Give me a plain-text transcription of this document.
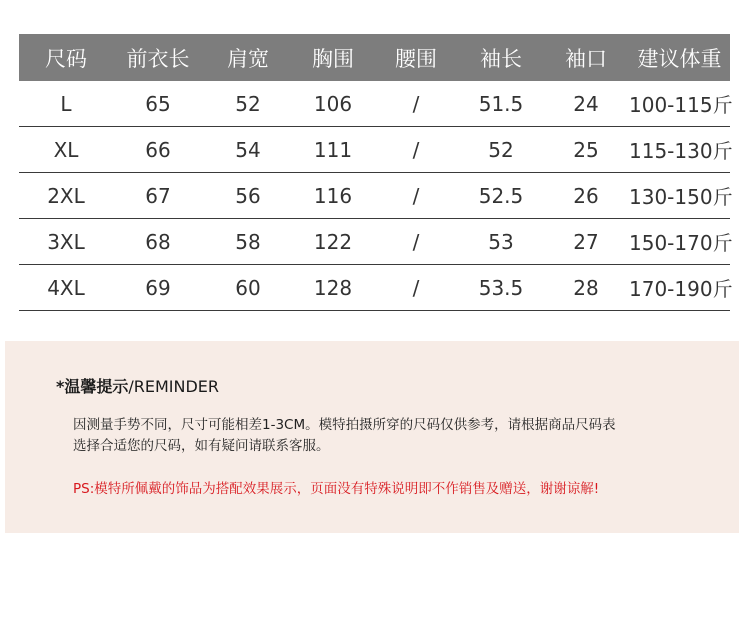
尺码	前衣长	肩宽	胸围	腰围	袖长	袖口	建议体重
L	65	52	106	/	51.5	24	100-115斤
XL	66	54	111	/	52	25	115-130斤
2XL	67	56	116	/	52.5	26	130-150斤
3XL	68	58	122	/	53	27	150-170斤
4XL	69	60	128	/	53.5	28	170-190斤
*温馨提示/REMINDER
因测量手势不同，尺寸可能相差1-3CM。模特拍摄所穿的尺码仅供参考，请根据商品尺码表
选择合适您的尺码，如有疑问请联系客服。
PS:模特所佩戴的饰品为搭配效果展示，页面没有特殊说明即不作销售及赠送，谢谢谅解!
